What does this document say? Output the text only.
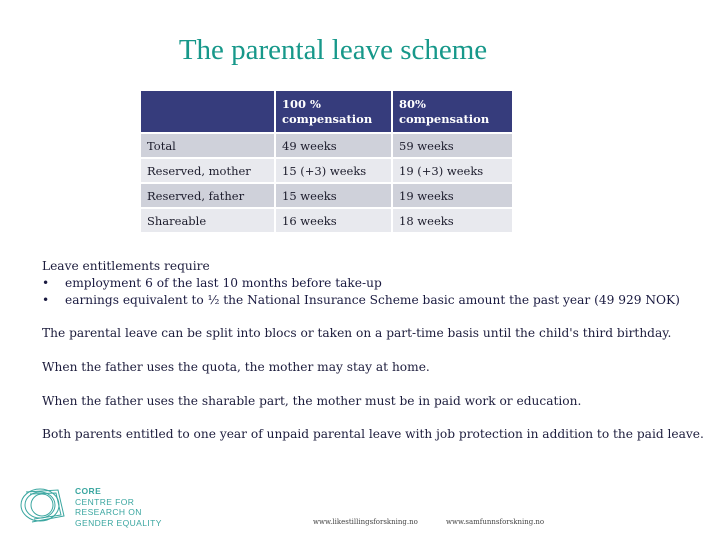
The parental leave scheme
	100 % compensation	80% compensation
Total	49 weeks	59 weeks
Reserved, mother	15 (+3) weeks	19 (+3) weeks
Reserved, father	15 weeks	19 weeks
Shareable	16 weeks	18 weeks
Leave entitlements require
• employment 6 of the last 10 months before take-up
• earnings equivalent to ½ the National Insurance Scheme basic amount the past year (49 929 NOK)
The parental leave can be split into blocs or taken on a part-time basis until the child's third birthday.
When the father uses the quota, the mother may stay at home.
When the father uses the sharable part, the mother must be in paid work or education.
Both parents entitled to one year of unpaid parental leave with job protection in addition to the paid leave.
CORE
CENTRE FOR
RESEARCH ON
GENDER EQUALITY	www.likestillingsforskning.no	www.samfunnsforskning.no
